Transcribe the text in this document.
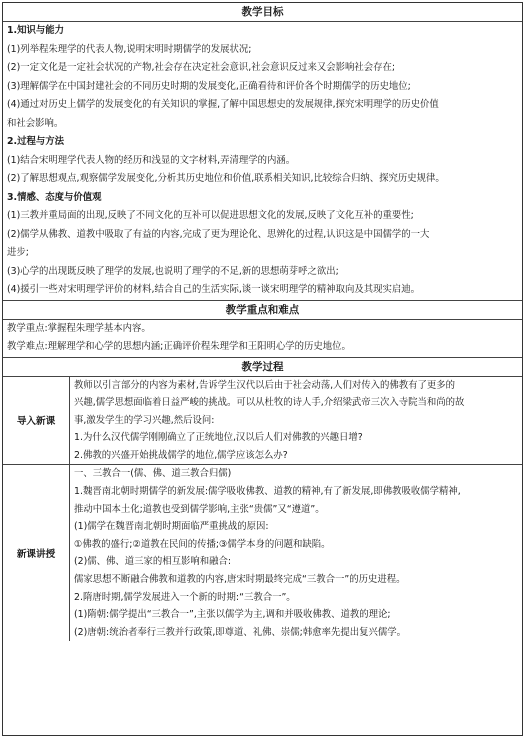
教学目标

1.知识与能力

(1)列举程朱理学的代表人物,说明宋明时期儒学的发展状况;

(2)一定文化是一定社会状况的产物,社会存在决定社会意识,社会意识反过来又会影响社会存在;

(3)理解儒学在中国封建社会的不同历史时期的发展变化,正确看待和评价各个时期儒学的历史地位;

(4)通过对历史上儒学的发展变化的有关知识的掌握,了解中国思想史的发展规律,探究宋明理学的历史价值

和社会影响。

2.过程与方法

(1)结合宋明理学代表人物的经历和浅显的文字材料,弄清理学的内涵。

(2)了解思想观点,观察儒学发展变化,分析其历史地位和价值,联系相关知识,比较综合归纳、探究历史规律。

3.情感、态度与价值观

(1)三教并重局面的出现,反映了不同文化的互补可以促进思想文化的发展,反映了文化互补的重要性;

(2)儒学从佛教、道教中吸取了有益的内容,完成了更为理论化、思辨化的过程,认识这是中国儒学的一大

进步;

(3)心学的出现既反映了理学的发展,也说明了理学的不足,新的思想萌芽呼之欲出;

(4)援引一些对宋明理学评价的材料,结合自己的生活实际,谈一谈宋明理学的精神取向及其现实启迪。

教学重点和难点

教学重点:掌握程朱理学基本内容。

教学难点:理解理学和心学的思想内涵;正确评价程朱理学和王阳明心学的历史地位。

教学过程
导入新课

教师以引言部分的内容为素材,告诉学生汉代以后由于社会动荡,人们对传入的佛教有了更多的

兴趣,儒学思想面临着日益严峻的挑战。可以从杜牧的诗人手,介绍梁武帝三次入寺院当和尚的故

事,激发学生的学习兴趣,然后设问:

1.为什么汉代儒学刚刚确立了正统地位,汉以后人们对佛教的兴趣日增?

2.佛教的兴盛开始挑战儒学的地位,儒学应该怎么办?

新课讲授

一、三教合一(儒、佛、道三教合归儒)

1.魏晋南北朝时期儒学的新发展:儒学吸收佛教、道教的精神,有了新发展,即佛教吸收儒学精神,

推动中国本土化;道教也受到儒学影响,主张“贵儒”又“遵道”。

(1)儒学在魏晋南北朝时期面临严重挑战的原因:

①佛教的盛行;②道教在民间的传播;③儒学本身的问题和缺陷。

(2)儒、佛、道三家的相互影响和融合:

儒家思想不断融合佛教和道教的内容,唐宋时期最终完成“三教合一”的历史进程。

2.隋唐时期,儒学发展进入一个新的时期:“三教合一”。

(1)隋朝:儒学提出“三教合一”,主张以儒学为主,调和并吸收佛教、道教的理论;

(2)唐朝:统治者奉行三教并行政策,即尊道、礼佛、崇儒;韩愈率先提出复兴儒学。
